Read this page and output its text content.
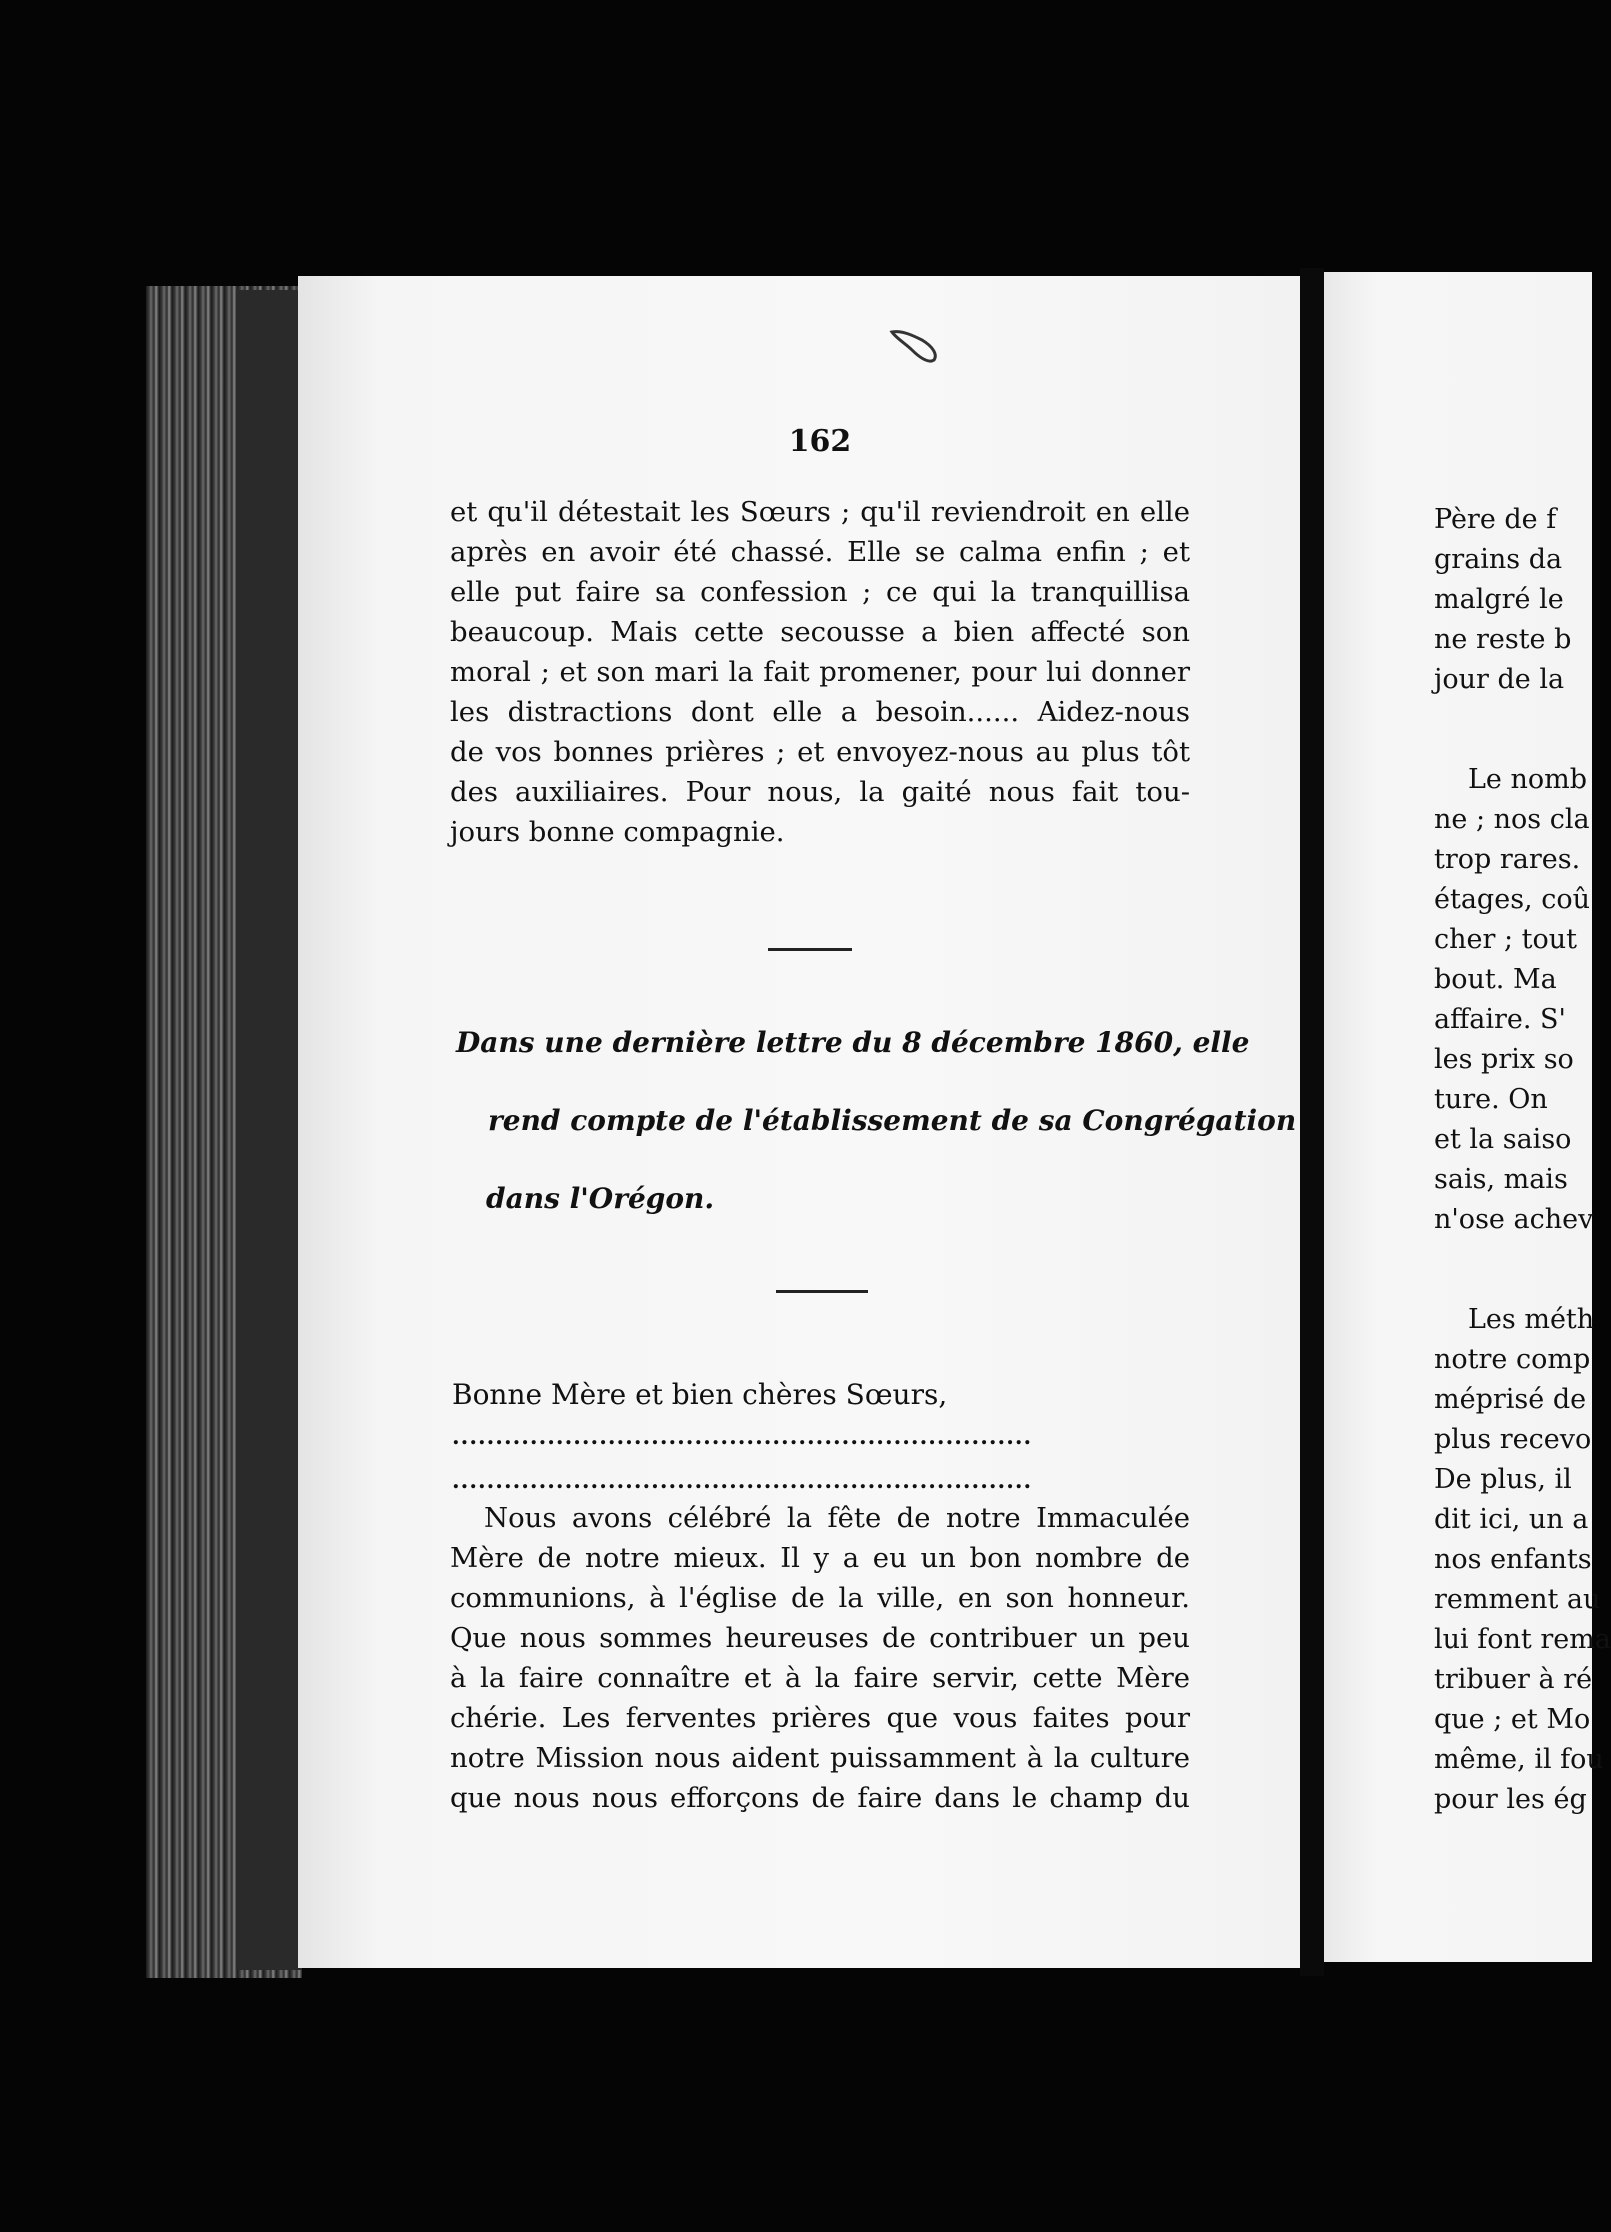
162
et qu'il détestait les Sœurs ; qu'il reviendroit en elle
après en avoir été chassé. Elle se calma enfin ; et
elle put faire sa confession ; ce qui la tranquillisa
beaucoup. Mais cette secousse a bien affecté son
moral ; et son mari la fait promener, pour lui donner
les distractions dont elle a besoin...... Aidez-nous
de vos bonnes prières ; et envoyez-nous au plus tôt
des auxiliaires. Pour nous, la gaité nous fait tou-
jours bonne compagnie.
Dans une dernière lettre du 8 décembre 1860, elle
rend compte de l'établissement de sa Congrégation
dans l'Orégon.
Bonne Mère et bien chères Sœurs,
...................................................................
...................................................................
Nous avons célébré la fête de notre Immaculée
Mère de notre mieux. Il y a eu un bon nombre de
communions, à l'église de la ville, en son honneur.
Que nous sommes heureuses de contribuer un peu
à la faire connaître et à la faire servir, cette Mère
chérie. Les ferventes prières que vous faites pour
notre Mission nous aident puissamment à la culture
que nous nous efforçons de faire dans le champ du
Père de f
grains da
malgré le
ne reste b
jour de la
Le nomb
ne ; nos cla
trop rares.
étages, coû
cher ; tout
bout. Ma
affaire. S'
les prix so
ture. On
et la saiso
sais, mais
n'ose achev
Les méth
notre comp
méprisé de
plus recevo
De plus, il
dit ici, un a
nos enfants
remment au
lui font rema
tribuer à ré
que ; et Mo
même, il fou
pour les ég
